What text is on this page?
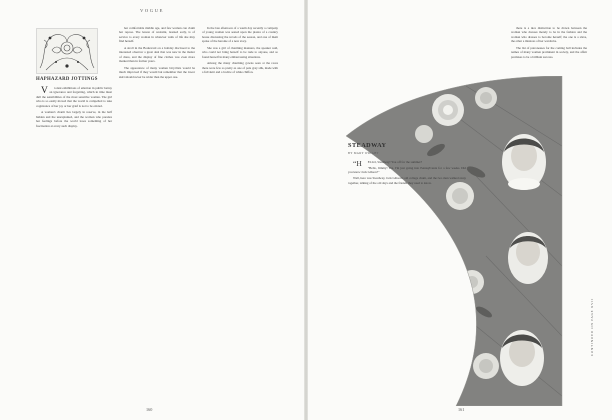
VOGUE
HAPHAZARD JOTTINGS

V iolent exhibitions of emotion in public betray an ignorance and forgetting, which in time must dull the sensibilities of the most sensitive woman. The girl who is so easily moved that the world is compelled to take cognizance of her joy or her grief is not to be envied.

A woman's charm lies largely in reserve, in the half hidden and the unexplained, and the woman who parades her feelings before the world loses something of her fascination at every such display.

her comfortable middle age, and few women can claim her repose. The lesson of restraint, learned early, is of service to every woman in whatever walk of life she may find herself.

A stroll in the Boulevard on a holiday disclosed to the interested observer a great deal that was new in the matter of dress, and the display of fine clothes was even more marked than in former years.

The appearance of many women bicyclists would be much improved if they would but remember that the lower skirt should never be wider than the upper one.

In the late afternoon of a warm day recently a company of young women was seated upon the piazza of a country house discussing the novels of the season, and one of them spoke of the heroine of a new story.

She was a girl of charming manners, the speaker said, who could not bring herself to be rude to anyone, and so found herself in many embarrassing situations.

Among the many charming gowns seen at the races there were few so pretty as one of pale gray silk, made with a full skirt and a bodice of white chiffon.

160

there is a nice distinction to be drawn between the woman who dresses merely to be in the fashion and the woman who dresses to become herself; the one is a slave, the other a mistress of her wardrobe.

The list of patronesses for the coming ball includes the names of many women prominent in society, and the affair promises to be a brilliant success.

STEADWAY
BY MARY WRIGHT

“H ELLO, Steadway! You off for the summer?

"Hello, Jimmy! Yes, I'm just going into Pennsylvania for a few weeks. Did you know Jack Gibson?"

Well, here was Steadway, Jack Gibson's old college chum, and the two men walked away together, talking of the old days and the friends they used to know.

CONTINUED ON PAGE XVII
161
